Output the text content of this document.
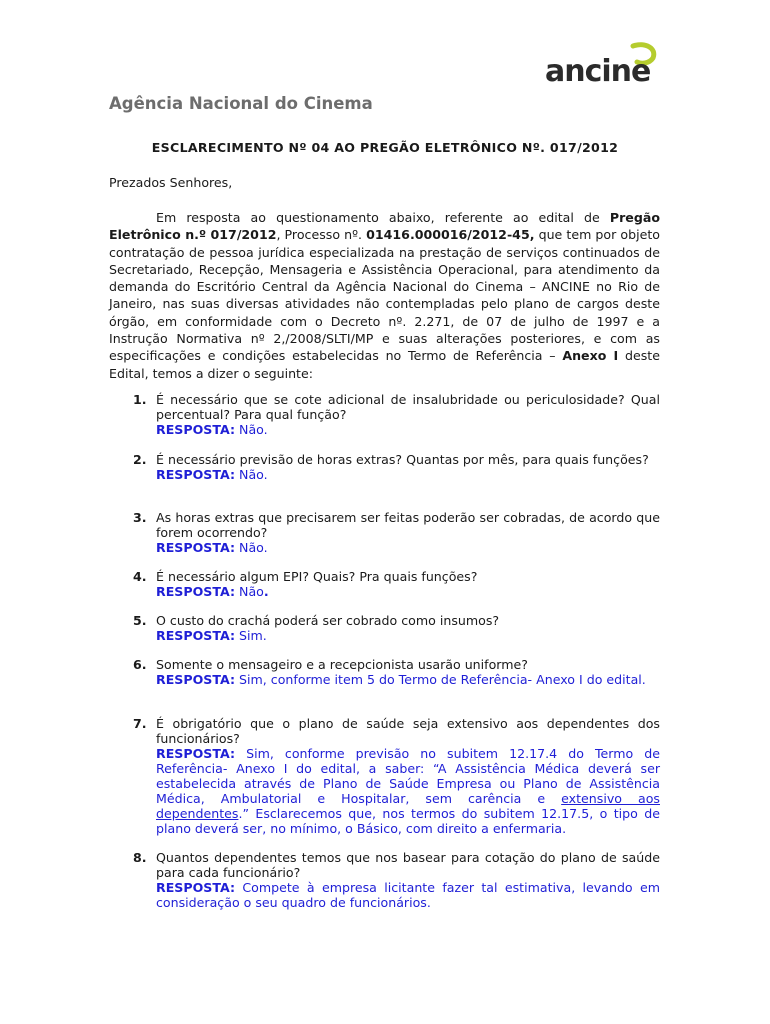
ancine
Agência Nacional do Cinema
ESCLARECIMENTO Nº 04 AO PREGÃO ELETRÔNICO Nº. 017/2012
Prezados Senhores,
Em resposta ao questionamento abaixo, referente ao edital de Pregão Eletrônico n.º 017/2012, Processo nº. 01416.000016/2012-45, que tem por objeto contratação de pessoa jurídica especializada na prestação de serviços continuados de Secretariado, Recepção, Mensageria e Assistência Operacional, para atendimento da demanda do Escritório Central da Agência Nacional do Cinema – ANCINE no Rio de Janeiro, nas suas diversas atividades não contempladas pelo plano de cargos deste órgão, em conformidade com o Decreto nº. 2.271, de 07 de julho de 1997 e a Instrução Normativa nº 2,/2008/SLTI/MP e suas alterações posteriores, e com as especificações e condições estabelecidas no Termo de Referência – Anexo I deste Edital, temos a dizer o seguinte:
1. É necessário que se cote adicional de insalubridade ou periculosidade? Qual percentual? Para qual função?
RESPOSTA: Não.
2. É necessário previsão de horas extras? Quantas por mês, para quais funções?
RESPOSTA: Não.
3. As horas extras que precisarem ser feitas poderão ser cobradas, de acordo que forem ocorrendo?
RESPOSTA: Não.
4. É necessário algum EPI? Quais? Pra quais funções?
RESPOSTA: Não.
5. O custo do crachá poderá ser cobrado como insumos?
RESPOSTA: Sim.
6. Somente o mensageiro e a recepcionista usarão uniforme?
RESPOSTA: Sim, conforme item 5 do Termo de Referência- Anexo I do edital.
7. É obrigatório que o plano de saúde seja extensivo aos dependentes dos funcionários?
RESPOSTA: Sim, conforme previsão no subitem 12.17.4 do Termo de Referência- Anexo I do edital, a saber: “A Assistência Médica deverá ser estabelecida através de Plano de Saúde Empresa ou Plano de Assistência Médica, Ambulatorial e Hospitalar, sem carência e extensivo aos dependentes.” Esclarecemos que, nos termos do subitem 12.17.5, o tipo de plano deverá ser, no mínimo, o Básico, com direito a enfermaria.
8. Quantos dependentes temos que nos basear para cotação do plano de saúde para cada funcionário?
RESPOSTA: Compete à empresa licitante fazer tal estimativa, levando em consideração o seu quadro de funcionários.
